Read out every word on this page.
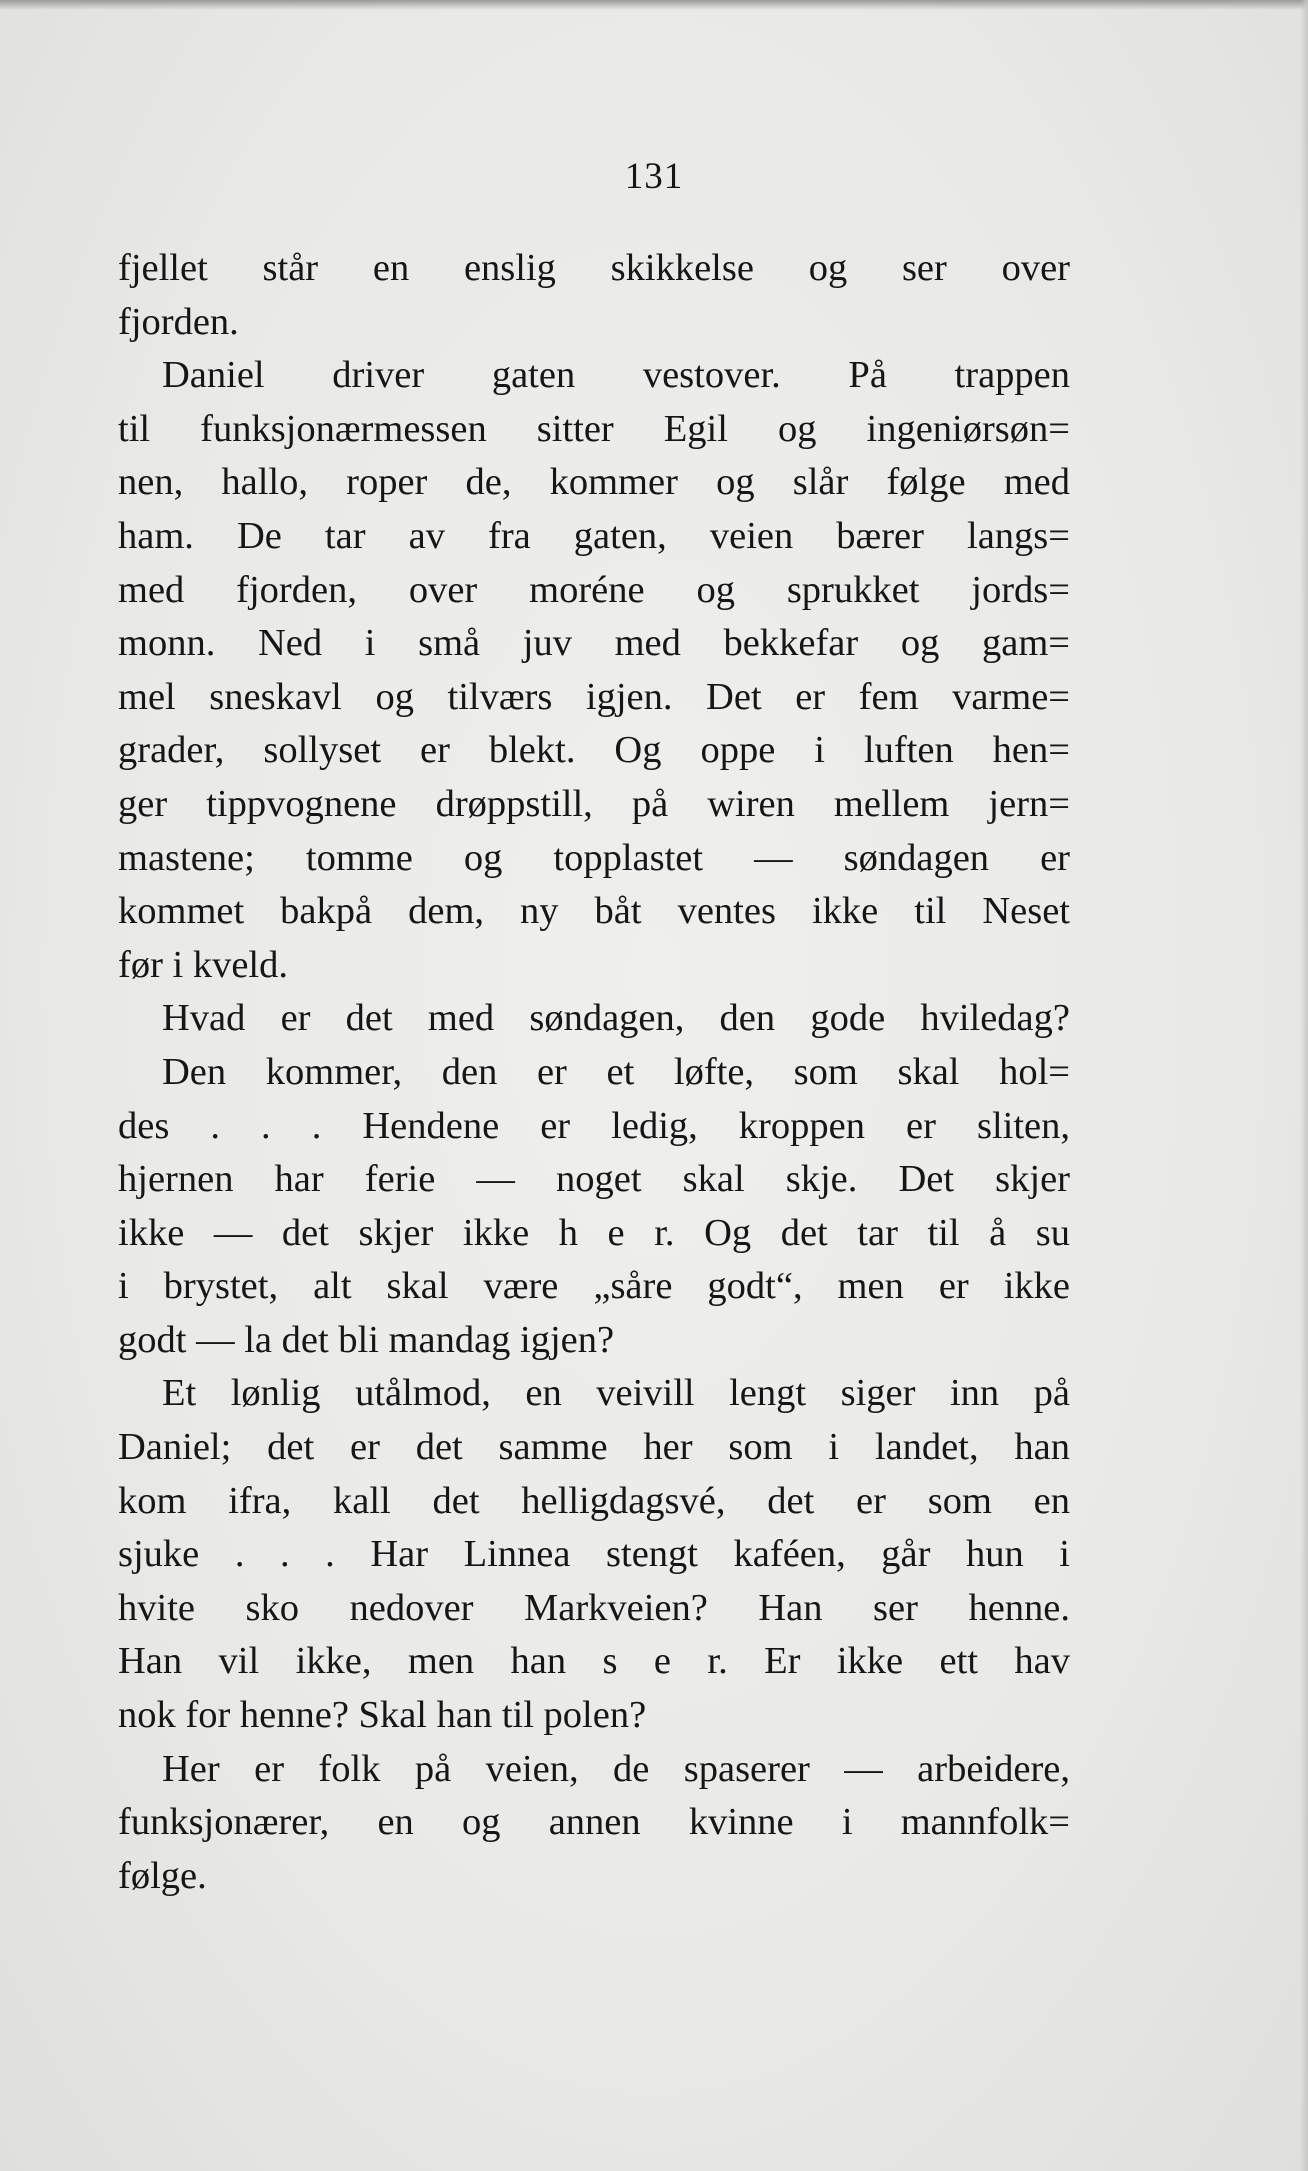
131
fjellet står en enslig skikkelse og ser over
fjorden.
Daniel driver gaten vestover. På trappen
til funksjonærmessen sitter Egil og ingeniørsøn=
nen, hallo, roper de, kommer og slår følge med
ham. De tar av fra gaten, veien bærer langs=
med fjorden, over moréne og sprukket jords=
monn. Ned i små juv med bekkefar og gam=
mel sneskavl og tilværs igjen. Det er fem varme=
grader, sollyset er blekt. Og oppe i luften hen=
ger tippvognene drøppstill, på wiren mellem jern=
mastene; tomme og topplastet — søndagen er
kommet bakpå dem, ny båt ventes ikke til Neset
før i kveld.
Hvad er det med søndagen, den gode hviledag?
Den kommer, den er et løfte, som skal hol=
des . . . Hendene er ledig, kroppen er sliten,
hjernen har ferie — noget skal skje. Det skjer
ikke — det skjer ikke h e r. Og det tar til å su
i brystet, alt skal være „såre godt“, men er ikke
godt — la det bli mandag igjen?
Et lønlig utålmod, en veivill lengt siger inn på
Daniel; det er det samme her som i landet, han
kom ifra, kall det helligdagsvé, det er som en
sjuke . . . Har Linnea stengt kaféen, går hun i
hvite sko nedover Markveien? Han ser henne.
Han vil ikke, men han s e r. Er ikke ett hav
nok for henne? Skal han til polen?
Her er folk på veien, de spaserer — arbeidere,
funksjonærer, en og annen kvinne i mannfolk=
følge.
